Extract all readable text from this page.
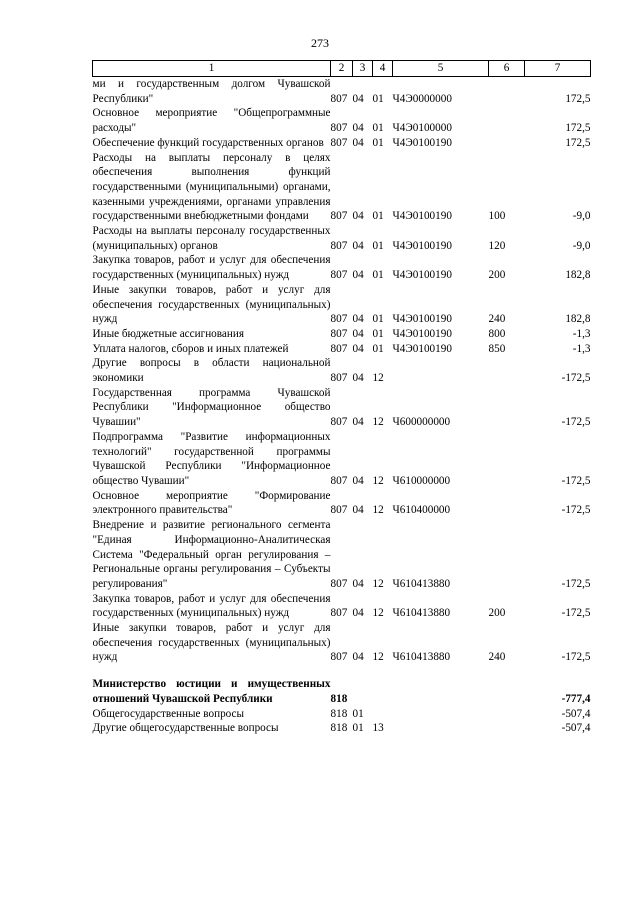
273
1	2	3	4	5	6	7
ми и государственным долгом Чувашской Республики"	807	04	01	Ч4Э0000000		172,5
Основное мероприятие "Общепрограммные расходы"	807	04	01	Ч4Э0100000		172,5
Обеспечение функций государственных органов	807	04	01	Ч4Э0100190		172,5
Расходы на выплаты персоналу в целях обеспечения выполнения функций государственными (муниципальными) органами, казенными учреждениями, органами управления государственными внебюджетными фондами	807	04	01	Ч4Э0100190	100	-9,0
Расходы на выплаты персоналу государственных (муниципальных) органов	807	04	01	Ч4Э0100190	120	-9,0
Закупка товаров, работ и услуг для обеспечения государственных (муниципальных) нужд	807	04	01	Ч4Э0100190	200	182,8
Иные закупки товаров, работ и услуг для обеспечения государственных (муниципальных) нужд	807	04	01	Ч4Э0100190	240	182,8
Иные бюджетные ассигнования	807	04	01	Ч4Э0100190	800	-1,3
Уплата налогов, сборов и иных платежей	807	04	01	Ч4Э0100190	850	-1,3
Другие вопросы в области национальной экономики	807	04	12			-172,5
Государственная программа Чувашской Республики "Информационное общество Чувашии"	807	04	12	Ч600000000		-172,5
Подпрограмма "Развитие информационных технологий" государственной программы Чувашской Республики "Информационное общество Чувашии"	807	04	12	Ч610000000		-172,5
Основное мероприятие "Формирование электронного правительства"	807	04	12	Ч610400000		-172,5
Внедрение и развитие регионального сегмента "Единая Информационно-Аналитическая Система "Федеральный орган регулирования – Региональные органы регулирования – Субъекты регулирования"	807	04	12	Ч610413880		-172,5
Закупка товаров, работ и услуг для обеспечения государственных (муниципальных) нужд	807	04	12	Ч610413880	200	-172,5
Иные закупки товаров, работ и услуг для обеспечения государственных (муниципальных) нужд	807	04	12	Ч610413880	240	-172,5

Министерство юстиции и имущественных отношений Чувашской Республики	818					-777,4
Общегосударственные вопросы	818	01				-507,4
Другие общегосударственные вопросы	818	01	13			-507,4
